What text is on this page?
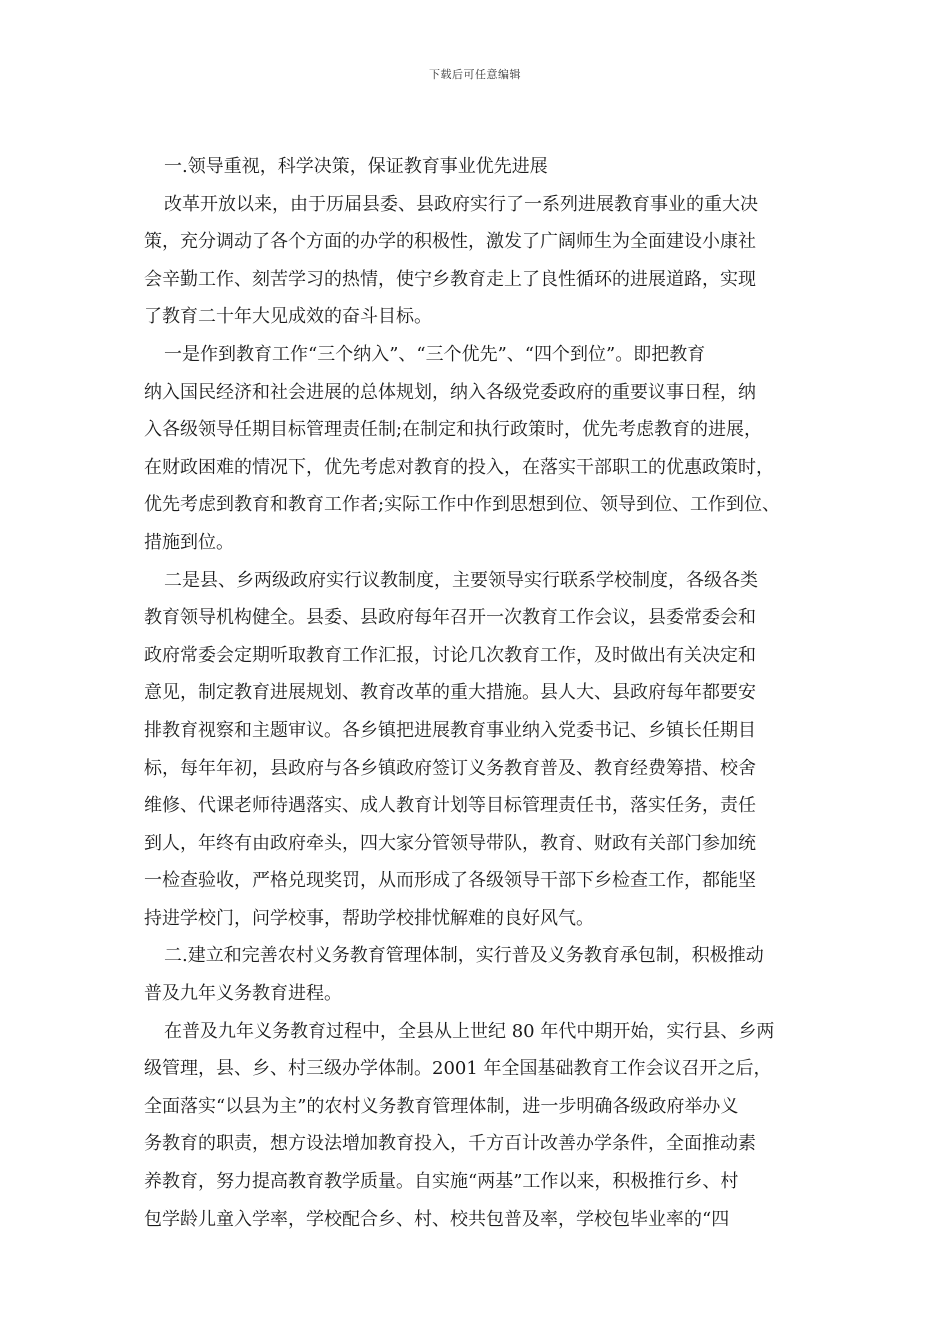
下载后可任意编辑
一.领导重视，科学决策，保证教育事业优先进展
改革开放以来，由于历届县委、县政府实行了一系列进展教育事业的重大决
策，充分调动了各个方面的办学的积极性，激发了广阔师生为全面建设小康社
会辛勤工作、刻苦学习的热情，使宁乡教育走上了良性循环的进展道路，实现
了教育二十年大见成效的奋斗目标。
一是作到教育工作“三个纳入”、“三个优先”、“四个到位”。即把教育
纳入国民经济和社会进展的总体规划，纳入各级党委政府的重要议事日程，纳
入各级领导任期目标管理责任制;在制定和执行政策时，优先考虑教育的进展，
在财政困难的情况下，优先考虑对教育的投入，在落实干部职工的优惠政策时，
优先考虑到教育和教育工作者;实际工作中作到思想到位、领导到位、工作到位、
措施到位。
二是县、乡两级政府实行议教制度，主要领导实行联系学校制度，各级各类
教育领导机构健全。县委、县政府每年召开一次教育工作会议，县委常委会和
政府常委会定期听取教育工作汇报，讨论几次教育工作，及时做出有关决定和
意见，制定教育进展规划、教育改革的重大措施。县人大、县政府每年都要安
排教育视察和主题审议。各乡镇把进展教育事业纳入党委书记、乡镇长任期目
标，每年年初，县政府与各乡镇政府签订义务教育普及、教育经费筹措、校舍
维修、代课老师待遇落实、成人教育计划等目标管理责任书，落实任务，责任
到人，年终有由政府牵头，四大家分管领导带队，教育、财政有关部门参加统
一检查验收，严格兑现奖罚，从而形成了各级领导干部下乡检查工作，都能坚
持进学校门，问学校事，帮助学校排忧解难的良好风气。
二.建立和完善农村义务教育管理体制，实行普及义务教育承包制，积极推动
普及九年义务教育进程。
在普及九年义务教育过程中，全县从上世纪 80 年代中期开始，实行县、乡两
级管理，县、乡、村三级办学体制。2001 年全国基础教育工作会议召开之后，
全面落实“以县为主”的农村义务教育管理体制，进一步明确各级政府举办义
务教育的职责，想方设法增加教育投入，千方百计改善办学条件，全面推动素
养教育，努力提高教育教学质量。自实施“两基”工作以来，积极推行乡、村
包学龄儿童入学率，学校配合乡、村、校共包普及率，学校包毕业率的“四
